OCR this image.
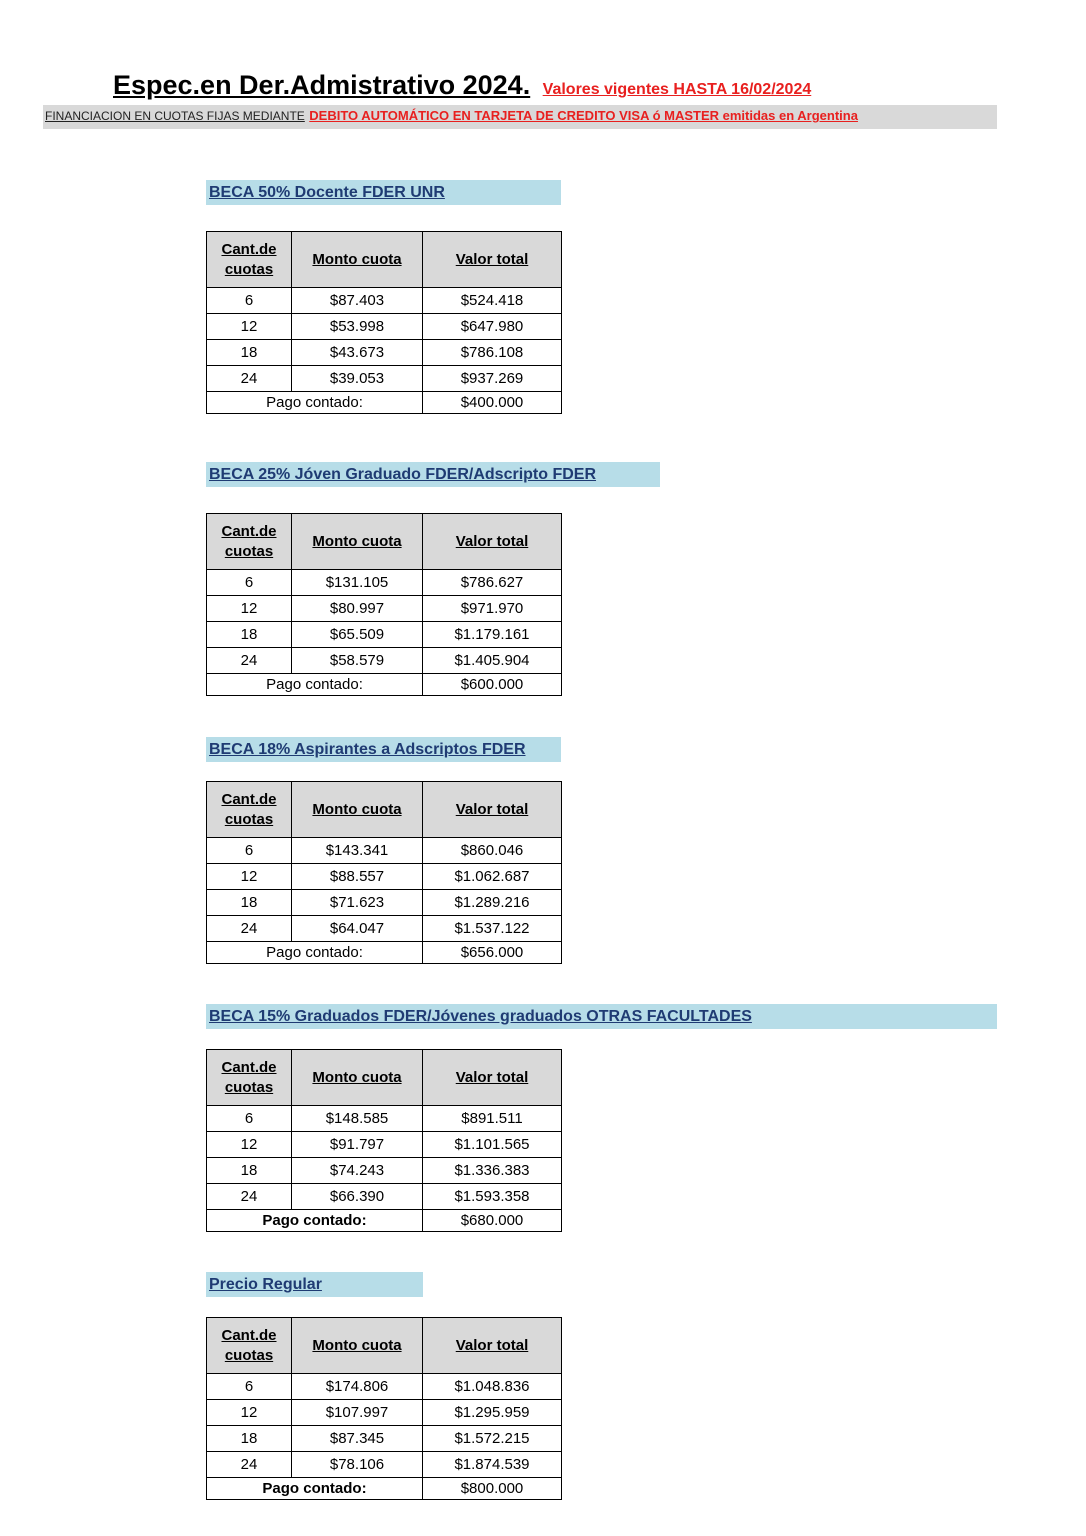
Espec.en Der.Admistrativo 2024. Valores vigentes HASTA 16/02/2024
FINANCIACION EN CUOTAS FIJAS MEDIANTE DEBITO AUTOMÁTICO EN TARJETA DE CREDITO VISA ó MASTER emitidas en Argentina
BECA 50% Docente FDER UNR
Cant.de
cuotas	Monto cuota	Valor total
6	$87.403	$524.418
12	$53.998	$647.980
18	$43.673	$786.108
24	$39.053	$937.269
Pago contado:		$400.000
BECA 25% Jóven Graduado FDER/Adscripto FDER
Cant.de
cuotas	Monto cuota	Valor total
6	$131.105	$786.627
12	$80.997	$971.970
18	$65.509	$1.179.161
24	$58.579	$1.405.904
Pago contado:		$600.000
BECA 18% Aspirantes a Adscriptos FDER
Cant.de
cuotas	Monto cuota	Valor total
6	$143.341	$860.046
12	$88.557	$1.062.687
18	$71.623	$1.289.216
24	$64.047	$1.537.122
Pago contado:		$656.000
BECA 15% Graduados FDER/Jóvenes graduados OTRAS FACULTADES
Cant.de
cuotas	Monto cuota	Valor total
6	$148.585	$891.511
12	$91.797	$1.101.565
18	$74.243	$1.336.383
24	$66.390	$1.593.358
Pago contado:		$680.000
Precio Regular
Cant.de
cuotas	Monto cuota	Valor total
6	$174.806	$1.048.836
12	$107.997	$1.295.959
18	$87.345	$1.572.215
24	$78.106	$1.874.539
Pago contado:		$800.000
